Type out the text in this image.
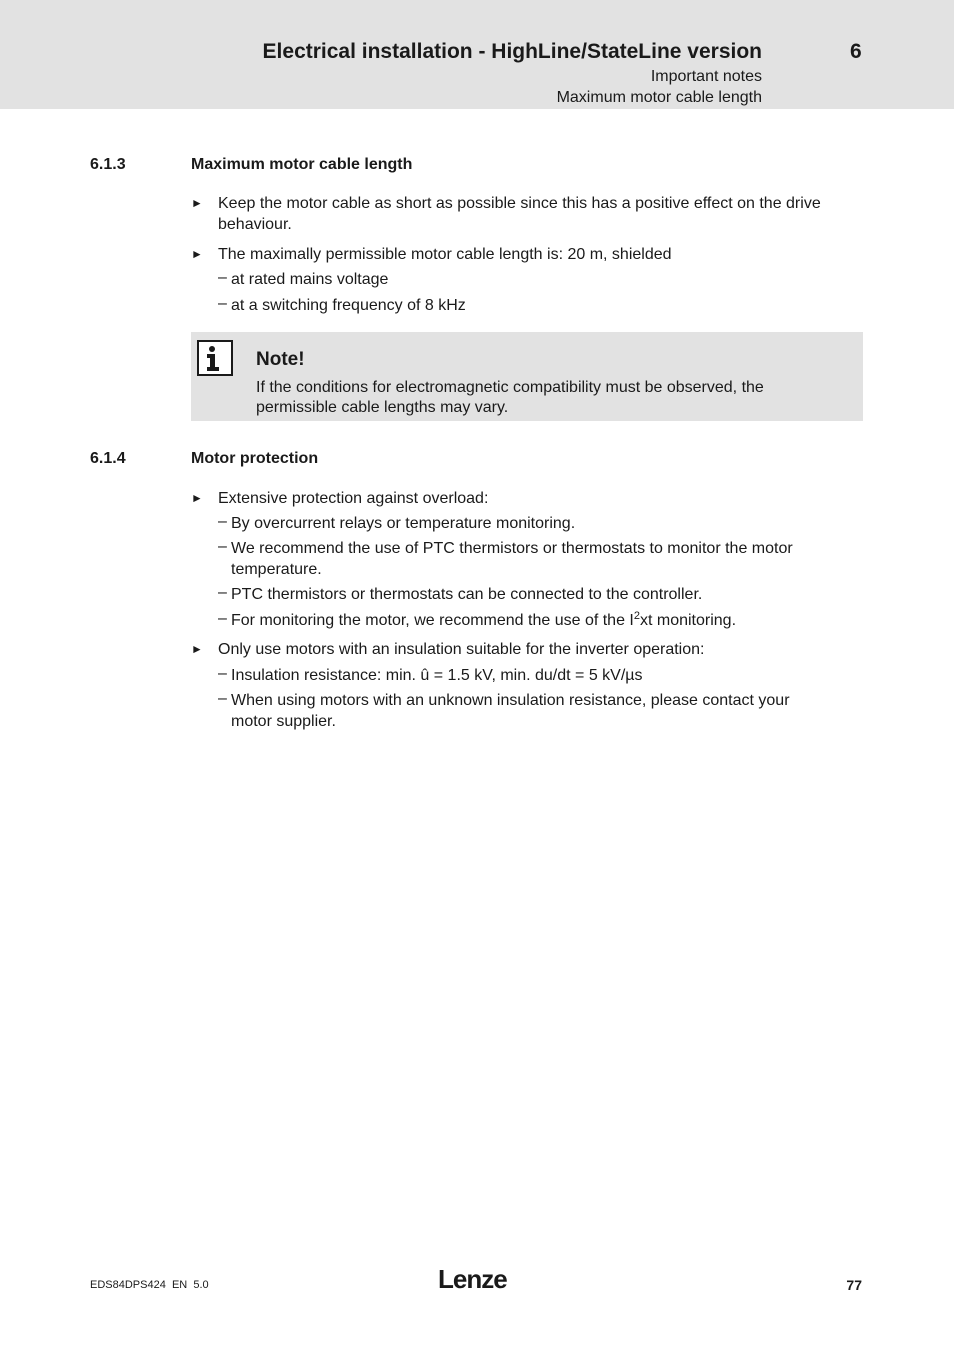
Electrical installation - HighLine/StateLine version	6
Important notes
Maximum motor cable length
6.1.3	Maximum motor cable length
► Keep the motor cable as short as possible since this has a positive effect on the drive
behaviour.
► The maximally permissible motor cable length is: 20 m, shielded
– at rated mains voltage
– at a switching frequency of 8 kHz
Note!
If the conditions for electromagnetic compatibility must be observed, the
permissible cable lengths may vary.
6.1.4	Motor protection
► Extensive protection against overload:
– By overcurrent relays or temperature monitoring.
– We recommend the use of PTC thermistors or thermostats to monitor the motor
temperature.
– PTC thermistors or thermostats can be connected to the controller.
– For monitoring the motor, we recommend the use of the $I^2xt$ monitoring.
► Only use motors with an insulation suitable for the inverter operation:
– Insulation resistance: min. û = 1.5 kV, min. du/dt = 5 kV/µs
– When using motors with an unknown insulation resistance, please contact your
motor supplier.
EDS84DPS424 EN 5.0	Lenze	77
